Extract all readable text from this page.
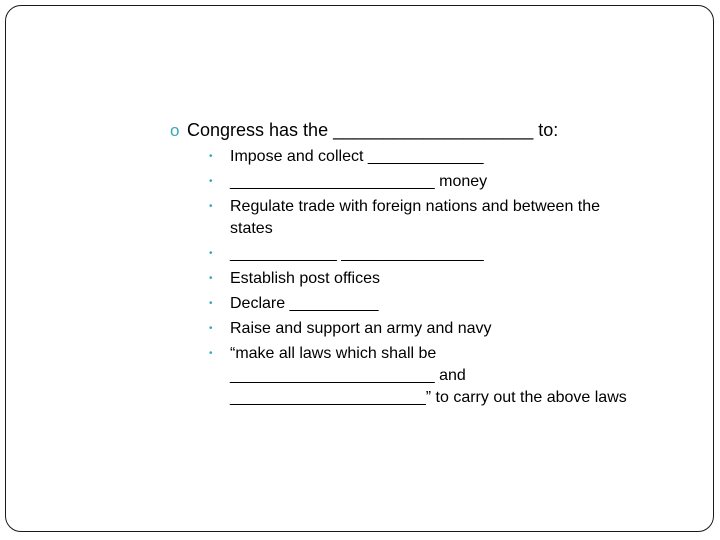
o Congress has the ____________________ to:
•	Impose and collect _____________
•	_______________________ money
•	Regulate trade with foreign nations and between the
states
•	____________ ________________
•	Establish post offices
•	Declare __________
•	Raise and support an army and navy
•	“make all laws which shall be
_______________________ and
______________________” to carry out the above laws
